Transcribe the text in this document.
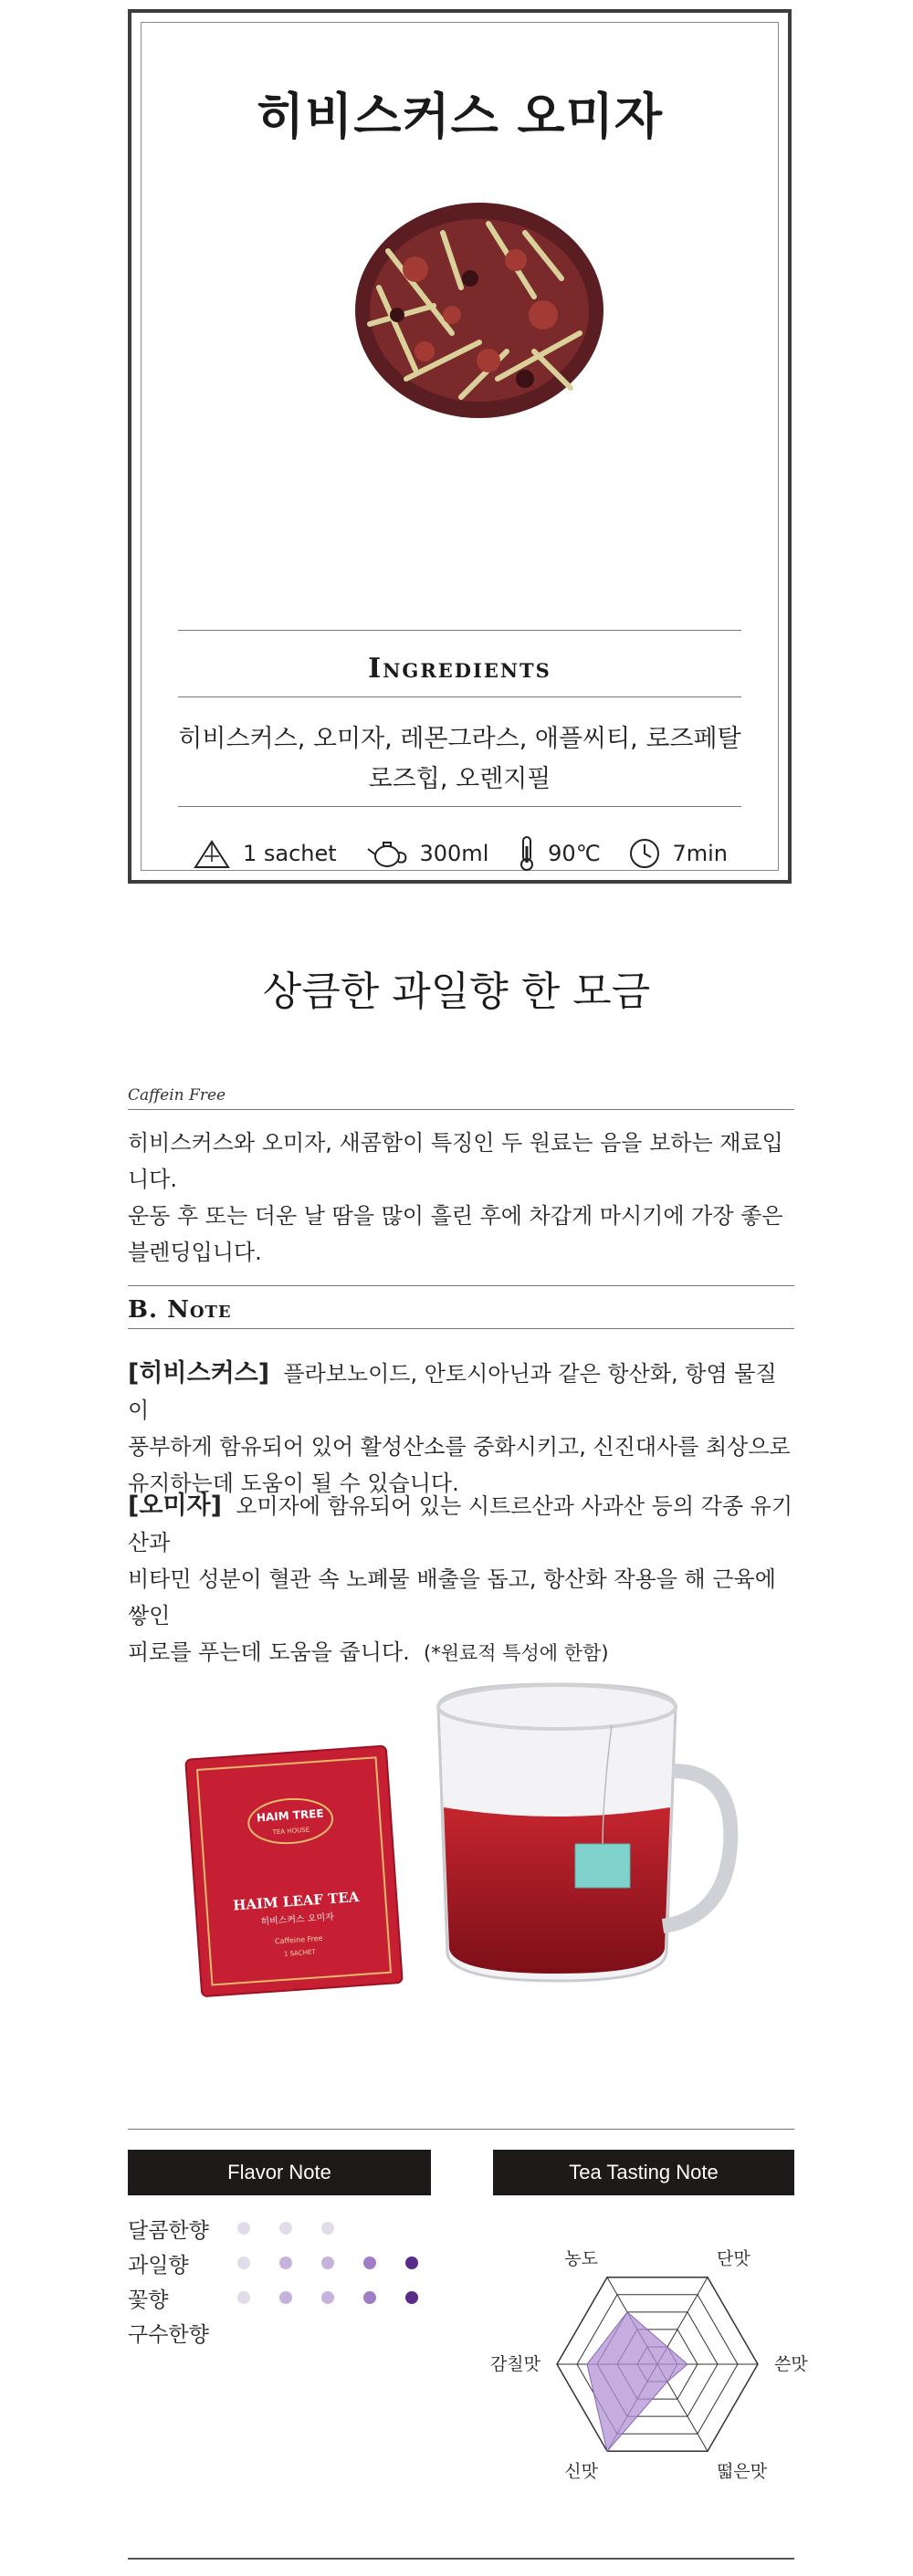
히비스커스 오미자
Ingredients
히비스커스, 오미자, 레몬그라스, 애플씨티, 로즈페탈
로즈힙, 오렌지필
1 sachet	300ml	90℃	7min
상큼한 과일향 한 모금
Caffein Free
히비스커스와 오미자, 새콤함이 특징인 두 원료는 음을 보하는 재료입니다.
운동 후 또는 더운 날 땀을 많이 흘린 후에 차갑게 마시기에 가장 좋은
블렌딩입니다.
B. Note
[히비스커스] 플라보노이드, 안토시아닌과 같은 항산화, 항염 물질이
풍부하게 함유되어 있어 활성산소를 중화시키고, 신진대사를 최상으로
유지하는데 도움이 될 수 있습니다.
[오미자] 오미자에 함유되어 있는 시트르산과 사과산 등의 각종 유기산과
비타민 성분이 혈관 속 노폐물 배출을 돕고, 항산화 작용을 해 근육에 쌓인
피로를 푸는데 도움을 줍니다. (*원료적 특성에 한함)
HAIM TREE
TEA HOUSE
HAIM LEAF TEA
히비스커스 오미자
Caffeine Free
1 SACHET
Flavor Note	Tea Tasting Note
달콤한향
과일향
꽃향
구수한향
농도	단맛
쓴맛
떫은맛
신맛
감칠맛
